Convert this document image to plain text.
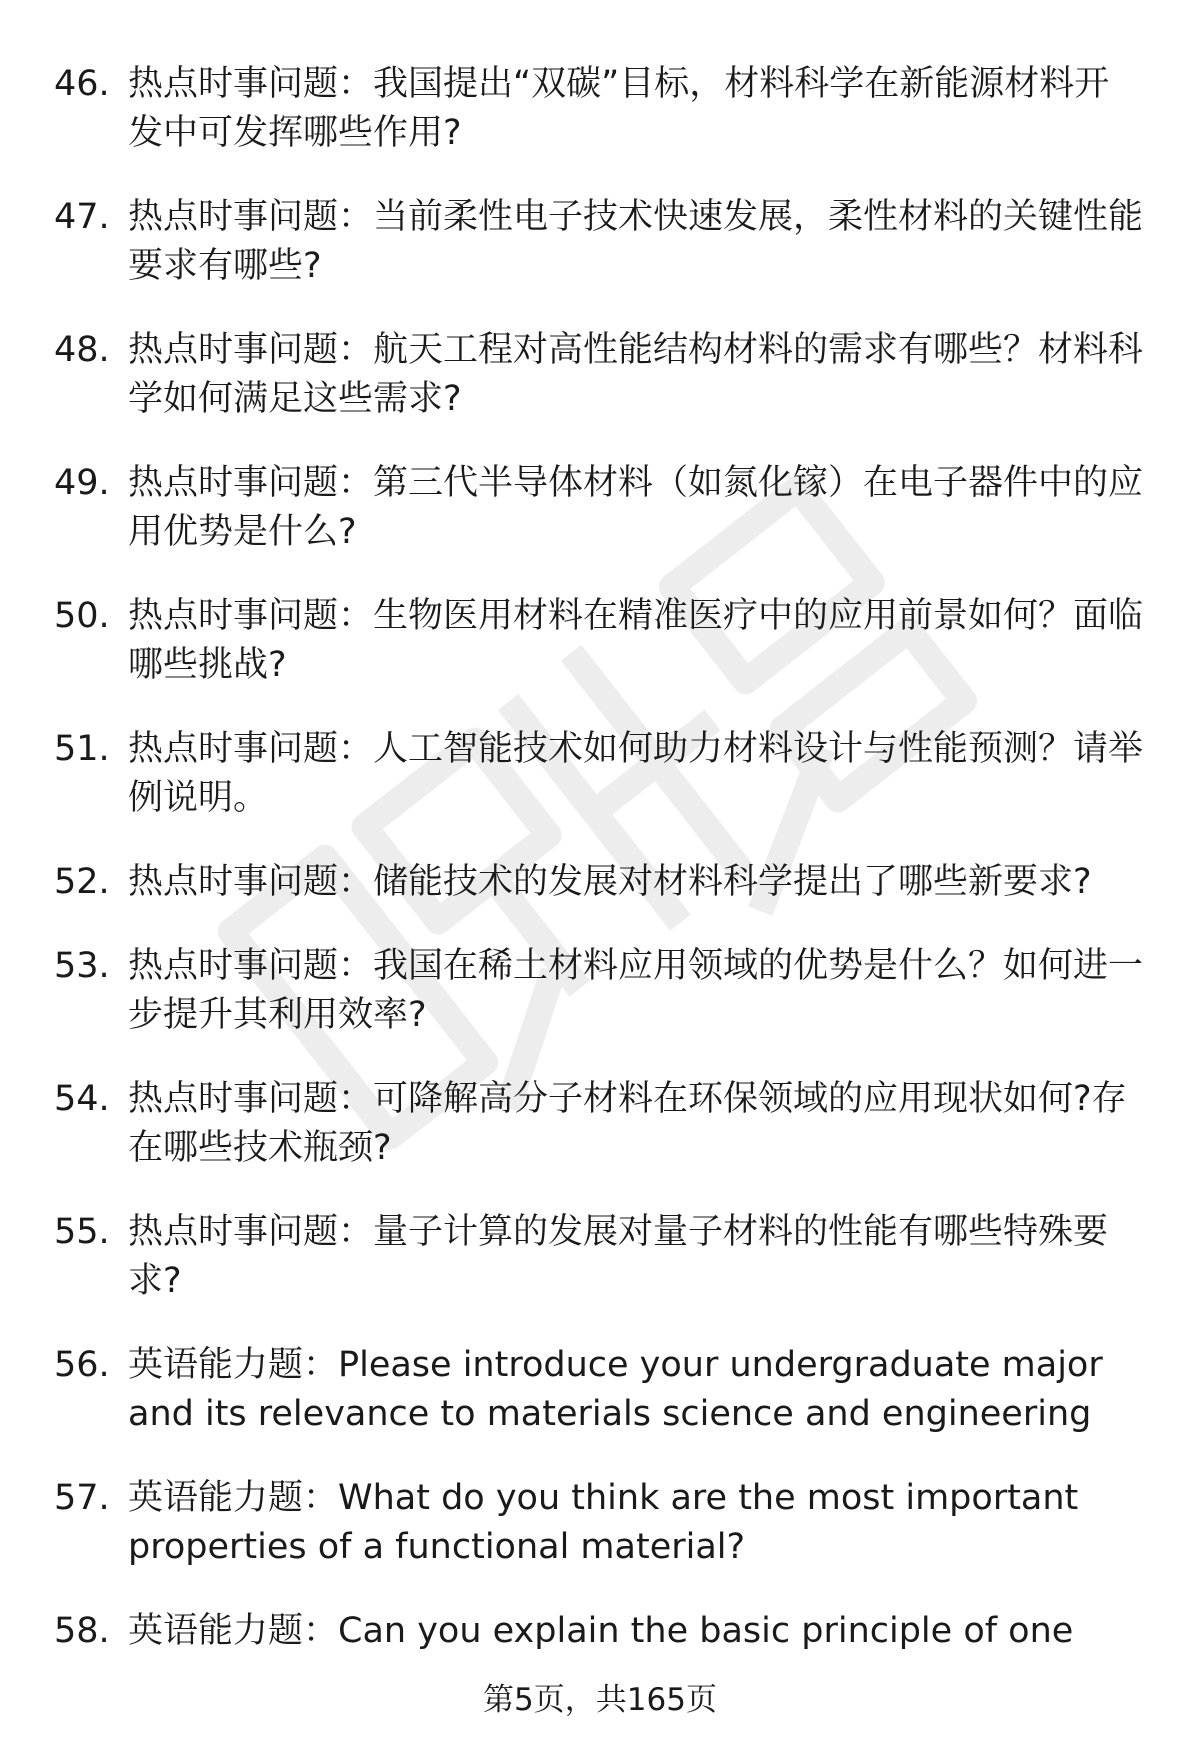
46. 热点时事问题：我国提出“双碳”目标，材料科学在新能源材料开发中可发挥哪些作用?
47. 热点时事问题：当前柔性电子技术快速发展，柔性材料的关键性能要求有哪些?
48. 热点时事问题：航天工程对高性能结构材料的需求有哪些？材料科学如何满足这些需求?
49. 热点时事问题：第三代半导体材料（如氮化镓）在电子器件中的应用优势是什么?
50. 热点时事问题：生物医用材料在精准医疗中的应用前景如何？面临哪些挑战?
51. 热点时事问题：人工智能技术如何助力材料设计与性能预测？请举例说明。
52. 热点时事问题：储能技术的发展对材料科学提出了哪些新要求?
53. 热点时事问题：我国在稀土材料应用领域的优势是什么？如何进一步提升其利用效率?
54. 热点时事问题：可降解高分子材料在环保领域的应用现状如何?存在哪些技术瓶颈?
55. 热点时事问题：量子计算的发展对量子材料的性能有哪些特殊要求?
56. 英语能力题：Please introduce your undergraduate major and its relevance to materials science and engineering
57. 英语能力题：What do you think are the most important properties of a functional material?
58. 英语能力题：Can you explain the basic principle of one
第5页，共165页
